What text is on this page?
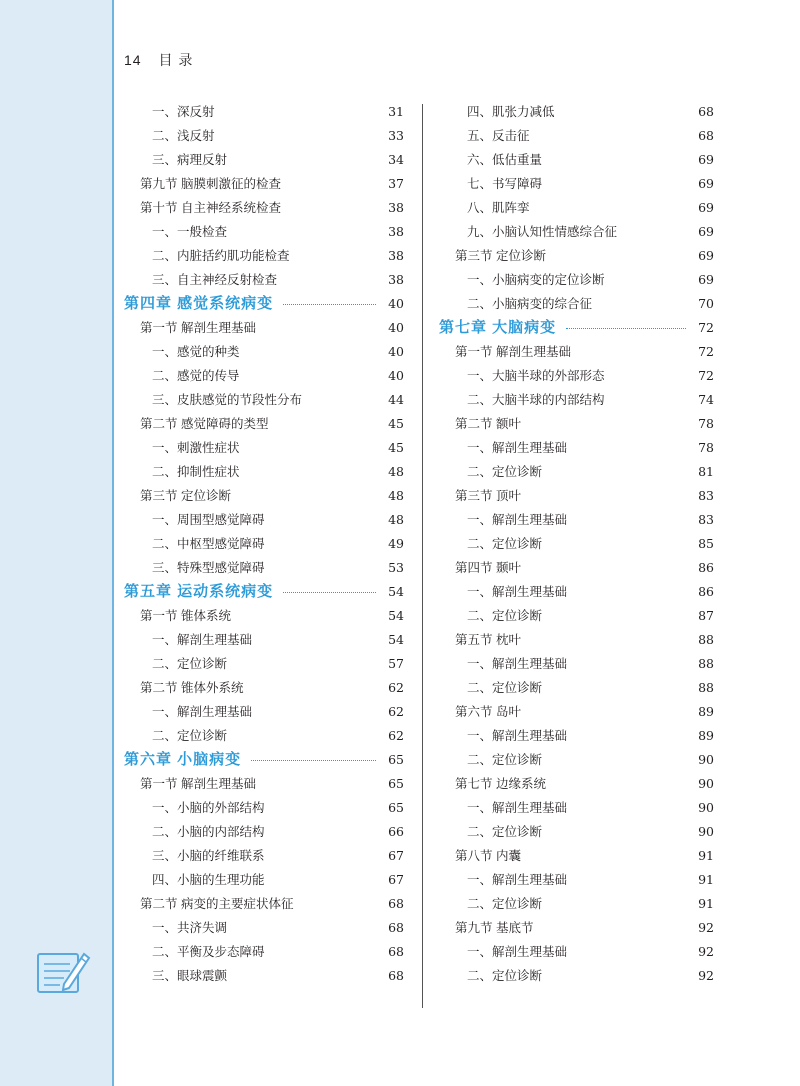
14 目 录
一、深反射	31
二、浅反射	33
三、病理反射	34
第九节 脑膜刺激征的检查	37
第十节 自主神经系统检查	38
一、一般检查	38
二、内脏括约肌功能检查	38
三、自主神经反射检查	38
第四章 感觉系统病变	40
第一节 解剖生理基础	40
一、感觉的种类	40
二、感觉的传导	40
三、皮肤感觉的节段性分布	44
第二节 感觉障碍的类型	45
一、刺激性症状	45
二、抑制性症状	48
第三节 定位诊断	48
一、周围型感觉障碍	48
二、中枢型感觉障碍	49
三、特殊型感觉障碍	53
第五章 运动系统病变	54
第一节 锥体系统	54
一、解剖生理基础	54
二、定位诊断	57
第二节 锥体外系统	62
一、解剖生理基础	62
二、定位诊断	62
第六章 小脑病变	65
第一节 解剖生理基础	65
一、小脑的外部结构	65
二、小脑的内部结构	66
三、小脑的纤维联系	67
四、小脑的生理功能	67
第二节 病变的主要症状体征	68
一、共济失调	68
二、平衡及步态障碍	68
三、眼球震颤	68
四、肌张力减低	68
五、反击征	68
六、低估重量	69
七、书写障碍	69
八、肌阵挛	69
九、小脑认知性情感综合征	69
第三节 定位诊断	69
一、小脑病变的定位诊断	69
二、小脑病变的综合征	70
第七章 大脑病变	72
第一节 解剖生理基础	72
一、大脑半球的外部形态	72
二、大脑半球的内部结构	74
第二节 额叶	78
一、解剖生理基础	78
二、定位诊断	81
第三节 顶叶	83
一、解剖生理基础	83
二、定位诊断	85
第四节 颞叶	86
一、解剖生理基础	86
二、定位诊断	87
第五节 枕叶	88
一、解剖生理基础	88
二、定位诊断	88
第六节 岛叶	89
一、解剖生理基础	89
二、定位诊断	90
第七节 边缘系统	90
一、解剖生理基础	90
二、定位诊断	90
第八节 内囊	91
一、解剖生理基础	91
二、定位诊断	91
第九节 基底节	92
一、解剖生理基础	92
二、定位诊断	92
